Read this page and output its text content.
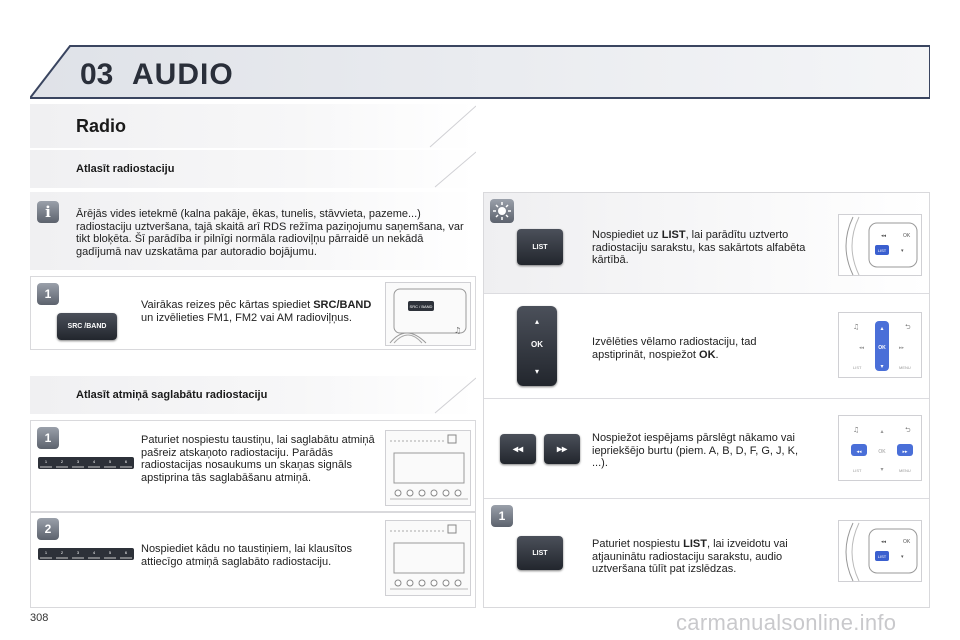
03 AUDIO
Radio
Atlasīt radiostaciju
i	Ārējās vides ietekmē (kalna pakāje, ēkas, tunelis, stāvvieta, pazeme...) radiostaciju uztveršana, tajā skaitā arī RDS režīma paziņojumu saņemšana, var tikt bloķēta. Šī parādība ir pilnīgi normāla radioviļņu pārraidē un nekādā gadījumā nav uzskatāma par autoradio bojājumu.
1
SRC /BAND
Vairākas reizes pēc kārtas spiediet SRC/BAND un izvēlieties FM1, FM2 vai AM radioviļņus.
SRC / BAND
♫
Atlasīt atmiņā saglabātu radiostaciju
1
1	2	3	4	5	6
Paturiet nospiestu taustiņu, lai saglabātu atmiņā pašreiz atskaņoto radiostaciju. Parādās radiostacijas nosaukums un skaņas signāls apstiprina tās saglabāšanu atmiņā.
2
1	2	3	4	5	6 Nospiediet kādu no taustiņiem, lai klausītos attiecīgo atmiņā saglabāto radiostaciju.
LIST
Nospiediet uz LIST, lai parādītu uztverto radiostaciju sarakstu, kas sakārtots alfabēta kārtībā.
◂◂	OK
LIST	▾
▴
▾
OK	Izvēlēties vēlamo radiostaciju, tad apstiprināt, nospiežot OK.
♫	⮌
▴
OK
▾
◂◂	▸▸
LIST	MENU
◂◂	▸▸
Nospiežot iespējams pārslēgt nākamo vai iepriekšējo burtu (piem. A, B, D, F, G, J, K, ...).
♫	⮌
▴
◂◂	OK	▸▸
▾
LIST	MENU
1
LIST
Paturiet nospiestu LIST, lai izveidotu vai atjauninātu radiostaciju sarakstu, audio uztveršana tūlīt pat izslēdzas.
◂◂	OK
LIST	▾
308	carmanualsonline.info
